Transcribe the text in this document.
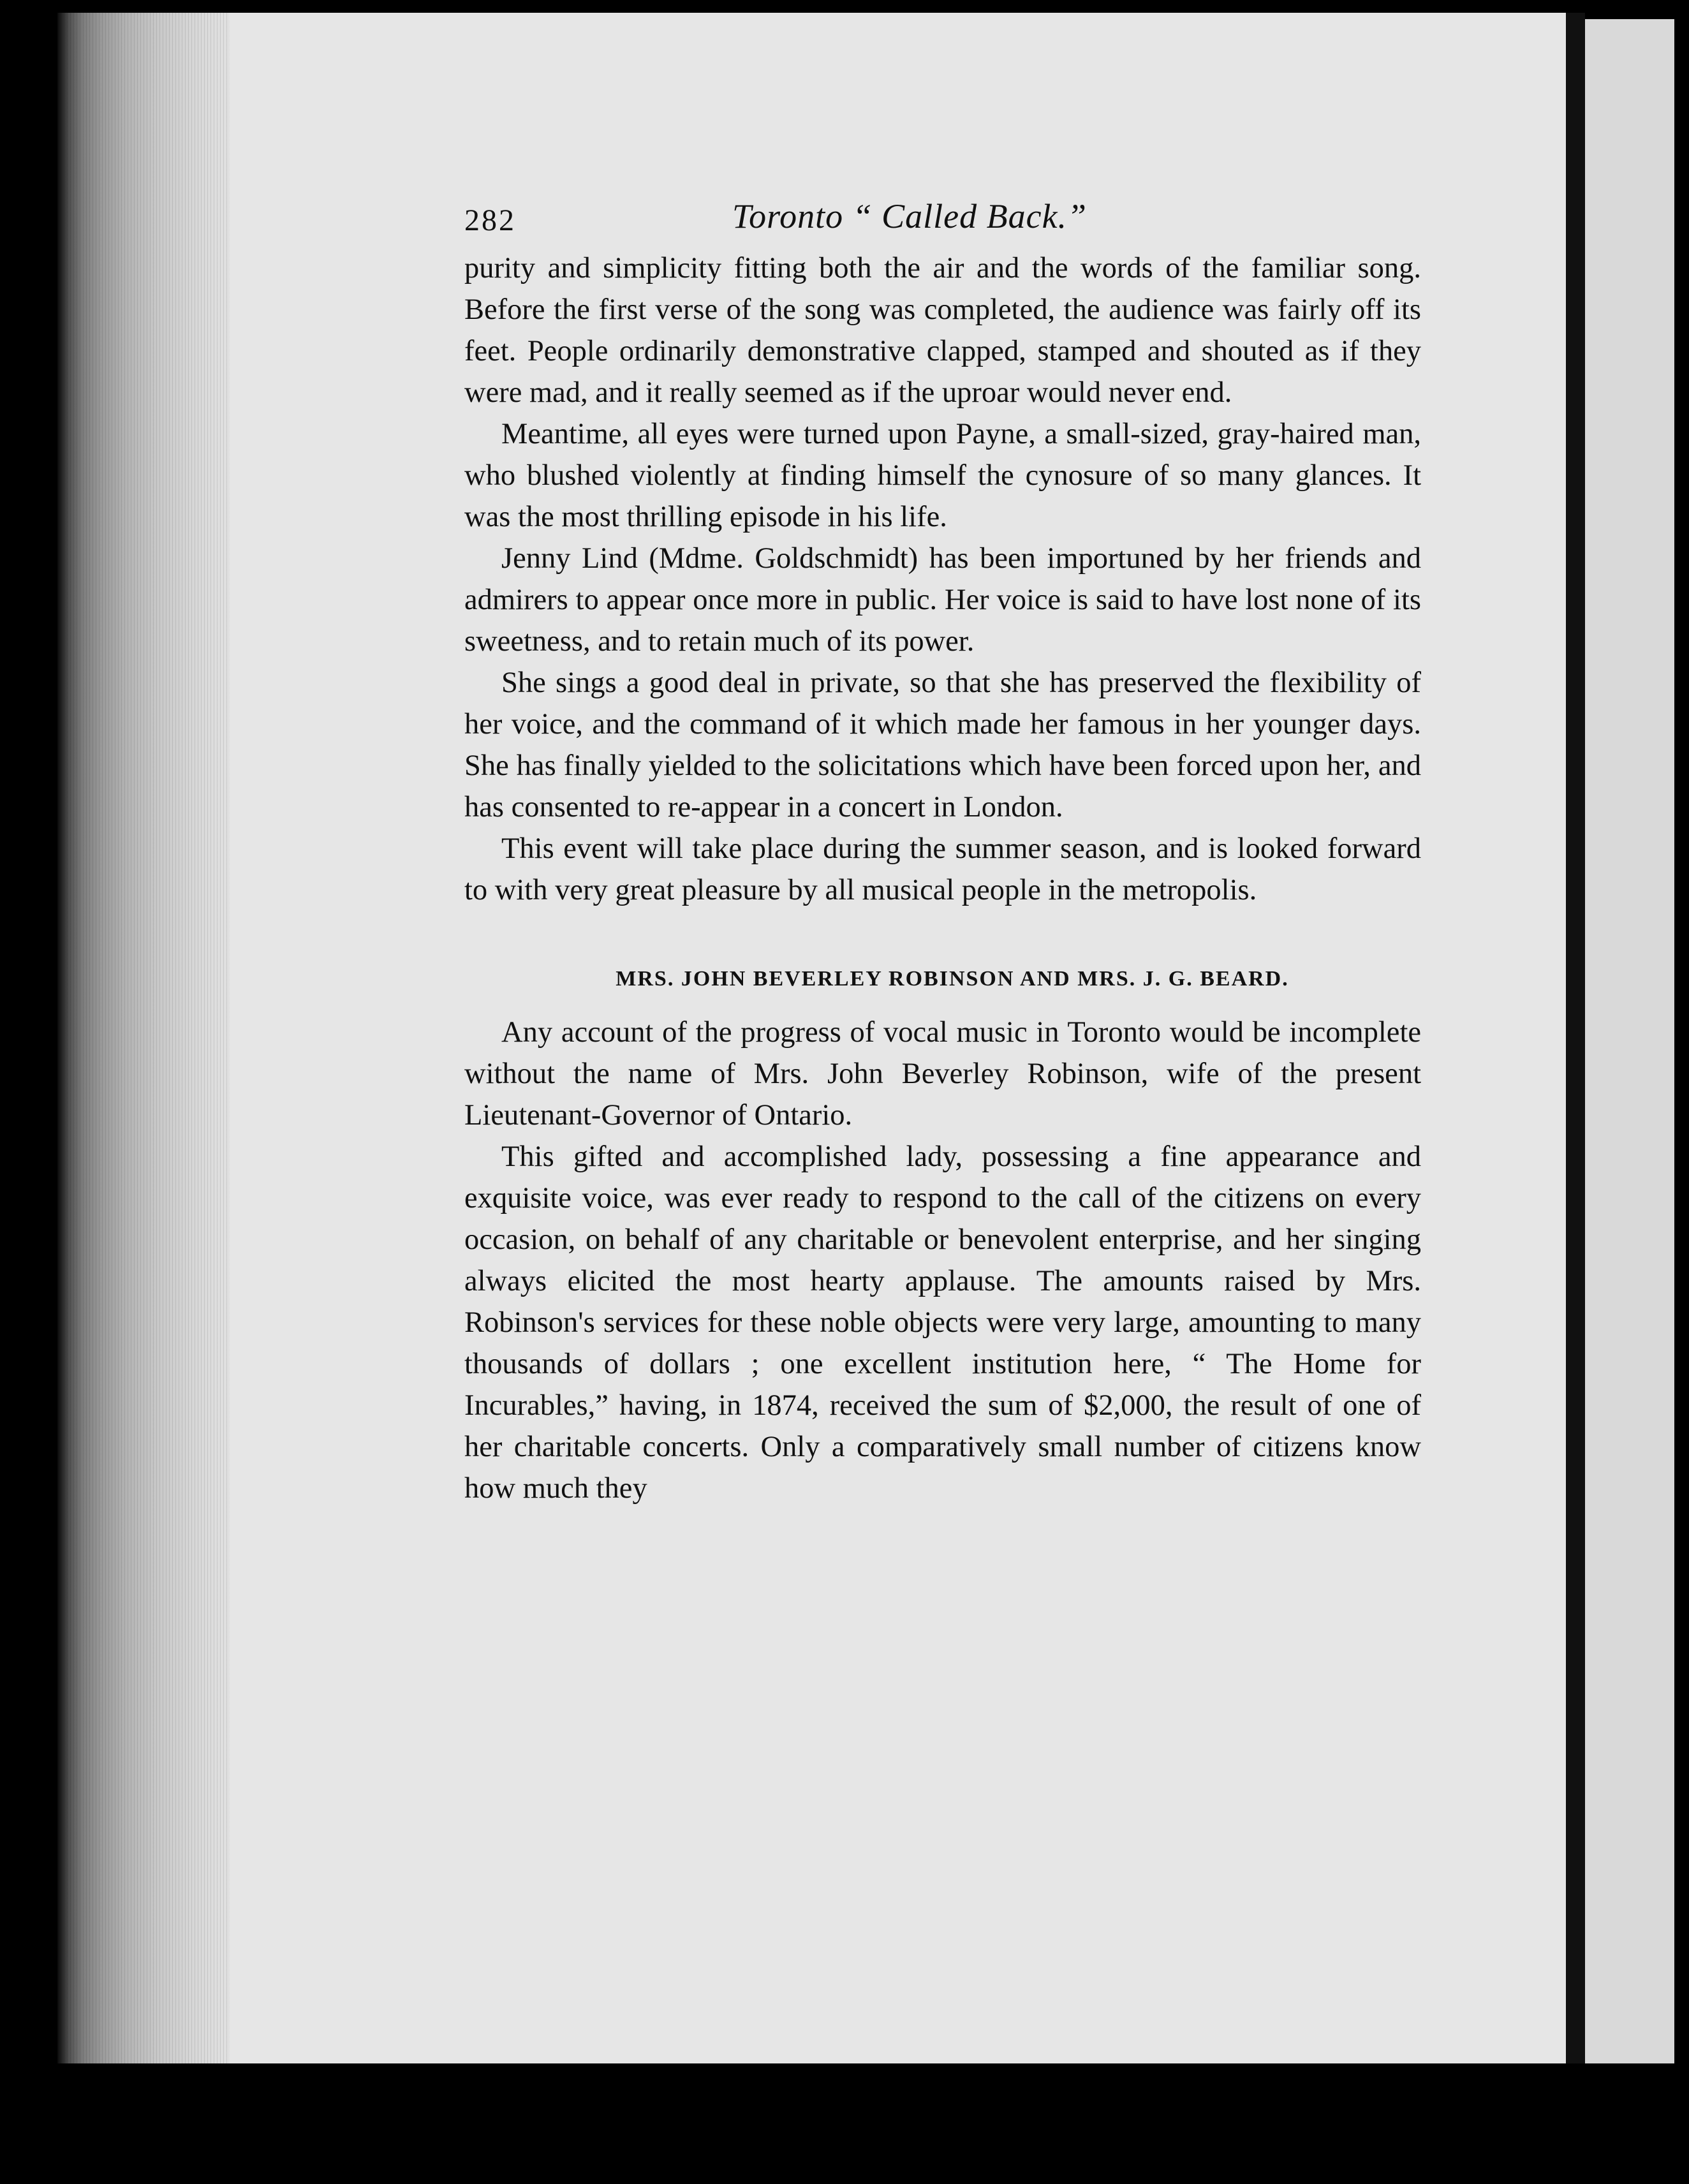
282	Toronto “ Called Back.”

purity and simplicity fitting both the air and the words of the familiar song. Before the first verse of the song was completed, the audience was fairly off its feet. People ordinarily demonstrative clapped, stamped and shouted as if they were mad, and it really seemed as if the uproar would never end.

Meantime, all eyes were turned upon Payne, a small-sized, gray-haired man, who blushed violently at finding himself the cynosure of so many glances. It was the most thrilling episode in his life.

Jenny Lind (Mdme. Goldschmidt) has been importuned by her friends and admirers to appear once more in public. Her voice is said to have lost none of its sweetness, and to retain much of its power.

She sings a good deal in private, so that she has preserved the flexibility of her voice, and the command of it which made her famous in her younger days. She has finally yielded to the solicitations which have been forced upon her, and has consented to re-appear in a concert in London.

This event will take place during the summer season, and is looked forward to with very great pleasure by all musical people in the metropolis.

MRS. JOHN BEVERLEY ROBINSON AND MRS. J. G. BEARD.

Any account of the progress of vocal music in Toronto would be incomplete without the name of Mrs. John Beverley Robinson, wife of the present Lieutenant-Governor of Ontario.

This gifted and accomplished lady, possessing a fine appearance and exquisite voice, was ever ready to respond to the call of the citizens on every occasion, on behalf of any charitable or benevolent enterprise, and her singing always elicited the most hearty applause. The amounts raised by Mrs. Robinson's services for these noble objects were very large, amounting to many thousands of dollars ; one excellent institution here, “ The Home for Incurables,” having, in 1874, received the sum of $2,000, the result of one of her charitable concerts. Only a comparatively small number of citizens know how much they
